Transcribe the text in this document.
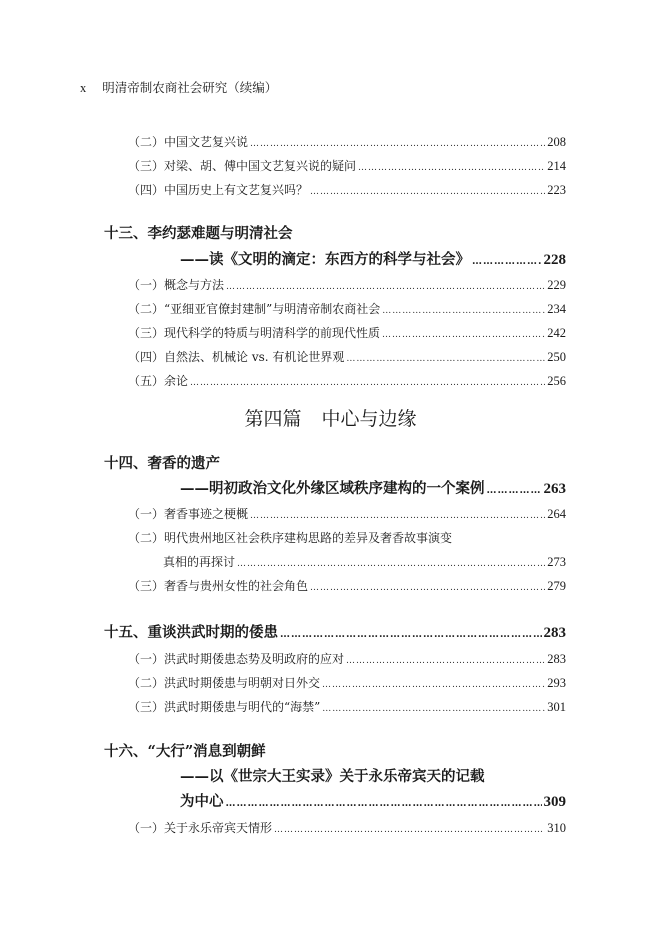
x 明清帝制农商社会研究（续编）
（二）中国文艺复兴说 ……………………………………………………………………………………………………………………………………………………………………………………………………………	208
（三）对梁、胡、傅中国文艺复兴说的疑问 ……………………………………………………………………………………………………………………………………………………………………………………………………………	214
（四）中国历史上有文艺复兴吗？ ……………………………………………………………………………………………………………………………………………………………………………………………………………	223
十三、李约瑟难题与明清社会
——读《文明的滴定：东西方的科学与社会》 ……………………………………………………………………………………………………………………………………………………………………………………………………………	228
（一）概念与方法 ……………………………………………………………………………………………………………………………………………………………………………………………………………	229
（二）“亚细亚官僚封建制”与明清帝制农商社会 ……………………………………………………………………………………………………………………………………………………………………………………………………………	234
（三）现代科学的特质与明清科学的前现代性质 ……………………………………………………………………………………………………………………………………………………………………………………………………………	242
（四）自然法、机械论 vs. 有机论世界观 ……………………………………………………………………………………………………………………………………………………………………………………………………………	250
（五）余论 ……………………………………………………………………………………………………………………………………………………………………………………………………………	256
第四篇 中心与边缘
十四、奢香的遗产
——明初政治文化外缘区域秩序建构的一个案例 ……………………………………………………………………………………………………………………………………………………………………………………………………………	263
（一）奢香事迹之梗概 ……………………………………………………………………………………………………………………………………………………………………………………………………………	264
（二）明代贵州地区社会秩序建构思路的差异及奢香故事演变
真相的再探讨 ……………………………………………………………………………………………………………………………………………………………………………………………………………	273
（三）奢香与贵州女性的社会角色 ……………………………………………………………………………………………………………………………………………………………………………………………………………	279
十五、重谈洪武时期的倭患 ……………………………………………………………………………………………………………………………………………………………………………………………………………	283
（一）洪武时期倭患态势及明政府的应对 ……………………………………………………………………………………………………………………………………………………………………………………………………………	283
（二）洪武时期倭患与明朝对日外交 ……………………………………………………………………………………………………………………………………………………………………………………………………………	293
（三）洪武时期倭患与明代的“海禁” ……………………………………………………………………………………………………………………………………………………………………………………………………………	301
十六、“大行”消息到朝鲜
——以《世宗大王实录》关于永乐帝宾天的记载
为中心 ……………………………………………………………………………………………………………………………………………………………………………………………………………	309
（一）关于永乐帝宾天情形 ……………………………………………………………………………………………………………………………………………………………………………………………………………	310
